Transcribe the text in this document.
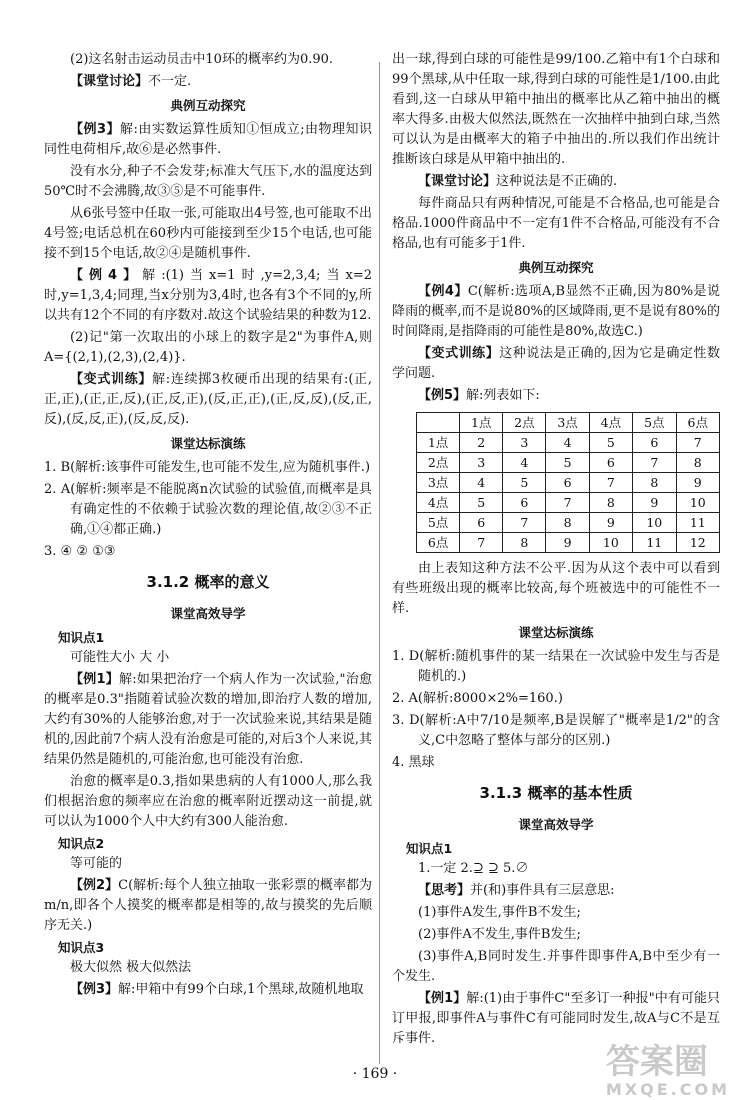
(2)这名射击运动员击中10环的概率约为0.90.

【课堂讨论】不一定.

典例互动探究

【例3】解:由实数运算性质知①恒成立;由物理知识同性电荷相斥,故⑥是必然事件.

没有水分,种子不会发芽;标准大气压下,水的温度达到50℃时不会沸腾,故③⑤是不可能事件.

从6张号签中任取一张,可能取出4号签,也可能取不出4号签;电话总机在60秒内可能接到至少15个电话,也可能接不到15个电话,故②④是随机事件.

【例4】解:(1)当x=1时,y=2,3,4;当x=2时,y=1,3,4;同理,当x分别为3,4时,也各有3个不同的y,所以共有12个不同的有序数对.故这个试验结果的种数为12.

(2)记"第一次取出的小球上的数字是2"为事件A,则A={(2,1),(2,3),(2,4)}.

【变式训练】解:连续掷3枚硬币出现的结果有:(正,正,正),(正,正,反),(正,反,正),(反,正,正),(正,反,反),(反,正,反),(反,反,正),(反,反,反).

课堂达标演练

1. B(解析:该事件可能发生,也可能不发生,应为随机事件.)

2. A(解析:频率是不能脱离n次试验的试验值,而概率是具有确定性的不依赖于试验次数的理论值,故②③不正确,①④都正确.)

3. ④ ② ①③

3.1.2 概率的意义
课堂高效导学
知识点1

可能性大小 大 小

【例1】解:如果把治疗一个病人作为一次试验,"治愈的概率是0.3"指随着试验次数的增加,即治疗人数的增加,大约有30%的人能够治愈,对于一次试验来说,其结果是随机的,因此前7个病人没有治愈是可能的,对后3个人来说,其结果仍然是随机的,可能治愈,也可能没有治愈.

治愈的概率是0.3,指如果患病的人有1000人,那么我们根据治愈的频率应在治愈的概率附近摆动这一前提,就可以认为1000个人中大约有300人能治愈.

知识点2

等可能的

【例2】C(解析:每个人独立抽取一张彩票的概率都为m/n,即各个人摸奖的概率都是相等的,故与摸奖的先后顺序无关.)

知识点3

极大似然 极大似然法

【例3】解:甲箱中有99个白球,1个黑球,故随机地取

出一球,得到白球的可能性是99/100.乙箱中有1个白球和99个黑球,从中任取一球,得到白球的可能性是1/100.由此看到,这一白球从甲箱中抽出的概率比从乙箱中抽出的概率大得多.由极大似然法,既然在一次抽样中抽到白球,当然可以认为是由概率大的箱子中抽出的.所以我们作出统计推断该白球是从甲箱中抽出的.

【课堂讨论】这种说法是不正确的.

每件商品只有两种情况,可能是不合格品,也可能是合格品.1000件商品中不一定有1件不合格品,可能没有不合格品,也有可能多于1件.

典例互动探究

【例4】C(解析:选项A,B显然不正确,因为80%是说降雨的概率,而不是说80%的区域降雨,更不是说有80%的时间降雨,是指降雨的可能性是80%,故选C.)

【变式训练】这种说法是正确的,因为它是确定性数学问题.

【例5】解:列表如下:

	1点	2点	3点	4点	5点	6点
1点	2	3	4	5	6	7
2点	3	4	5	6	7	8
3点	4	5	6	7	8	9
4点	5	6	7	8	9	10
5点	6	7	8	9	10	11
6点	7	8	9	10	11	12

由上表知这种方法不公平.因为从这个表中可以看到有些班级出现的概率比较高,每个班被选中的可能性不一样.

课堂达标演练

1. D(解析:随机事件的某一结果在一次试验中发生与否是随机的.)

2. A(解析:8000×2%=160.)

3. D(解析:A中7/10是频率,B是误解了"概率是1/2"的含义,C中忽略了整体与部分的区别.)

4. 黑球

3.1.3 概率的基本性质
课堂高效导学
知识点1

1.一定 2.⊇ ⊇ 5.∅

【思考】并(和)事件具有三层意思:

(1)事件A发生,事件B不发生;

(2)事件A不发生,事件B发生;

(3)事件A,B同时发生.并事件即事件A,B中至少有一个发生.

【例1】解:(1)由于事件C"至多订一种报"中有可能只订甲报,即事件A与事件C有可能同时发生,故A与C不是互斥事件.

· 169 ·	答案圈
MXQE.COM
